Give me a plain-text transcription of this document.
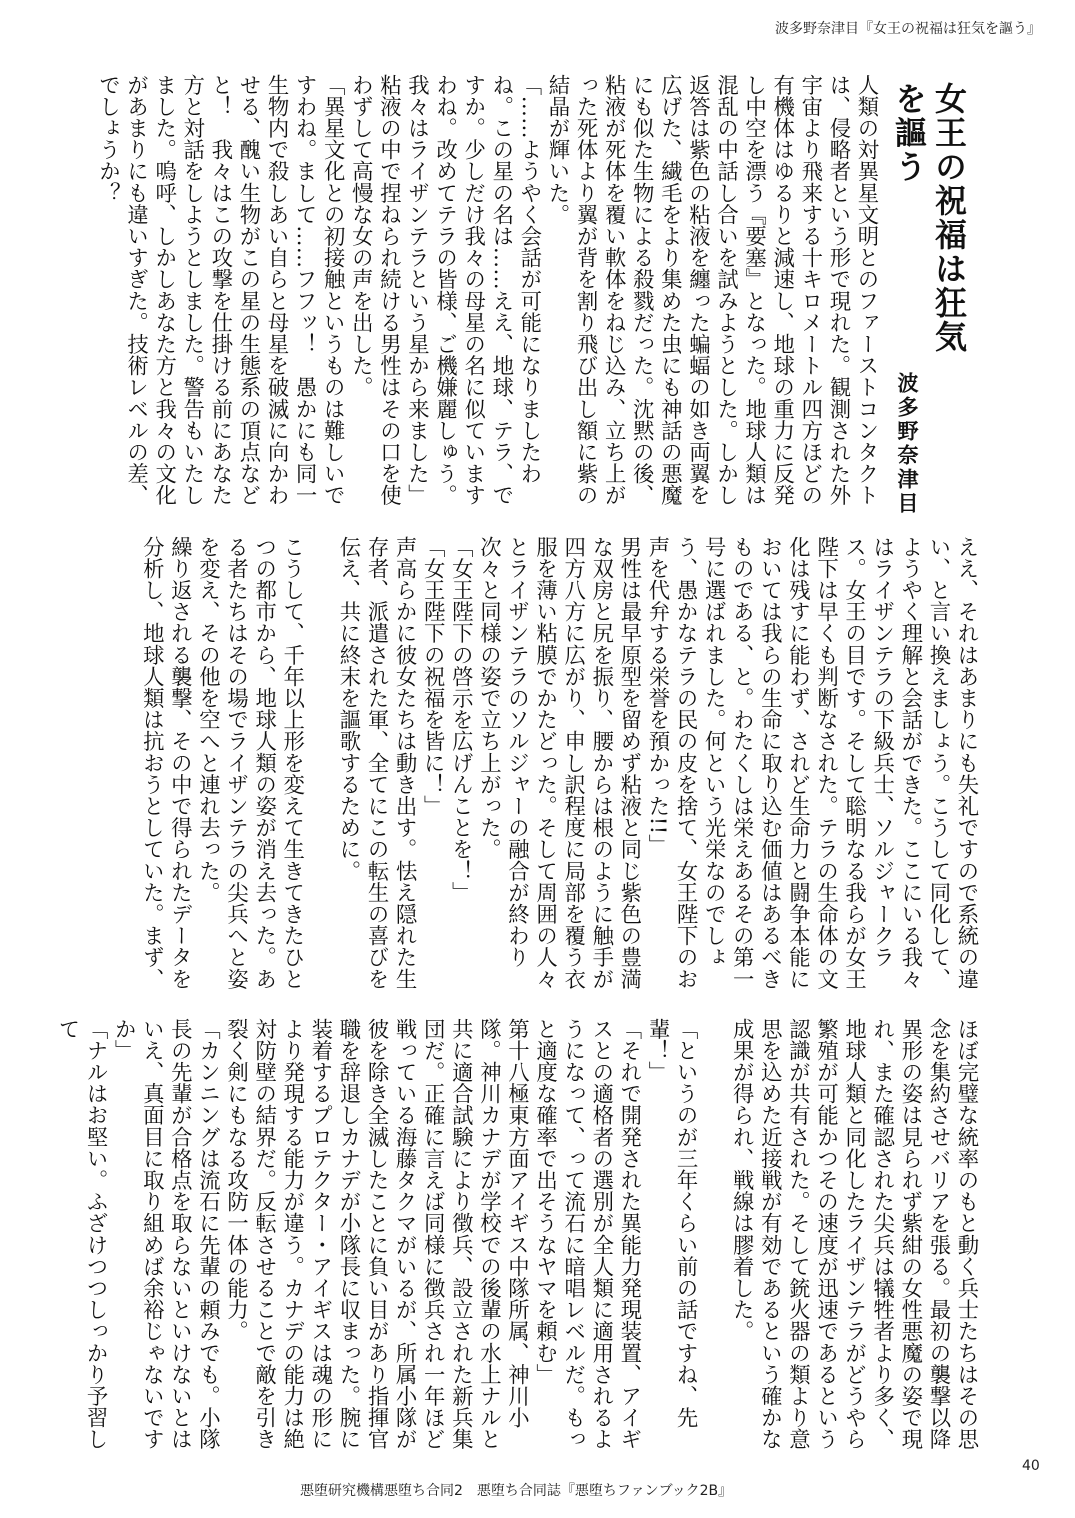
波多野奈津目『女王の祝福は狂気を謳う』
女王の祝福は狂気を謳う
波多野奈津目

人類の対異星文明とのファーストコンタクトは、侵略者という形で現れた。観測された外宇宙より飛来する十キロメートル四方ほどの有機体はゆるりと減速し、地球の重力に反発し中空を漂う『要塞』となった。地球人類は混乱の中話し合いを試みようとした。しかし返答は紫色の粘液を纏った蝙蝠の如き両翼を広げた、繊毛をより集めた虫にも神話の悪魔にも似た生物による殺戮だった。沈黙の後、粘液が死体を覆い軟体をねじ込み、立ち上がった死体より翼が背を割り飛び出し額に紫の結晶が輝いた。

「……ようやく会話が可能になりましたわね。この星の名は……ええ、地球、テラ、ですか。少しだけ我々の母星の名に似ていますわね。改めてテラの皆様、ご機嫌麗しゅう。我々はライザンテラという星から来ました」

粘液の中で捏ねられ続ける男性はその口を使わずして高慢な女の声を出した。

「異星文化との初接触というものは難しいですわね。まして……フフッ！　愚かにも同一生物内で殺しあい自らと母星を破滅に向かわせる、醜い生物がこの星の生態系の頂点などと！　我々はこの攻撃を仕掛ける前にあなた方と対話をしようとしました。警告もいたしました。嗚呼、しかしあなた方と我々の文化があまりにも違いすぎた。技術レベルの差、でしょうか？

ええ、それはあまりにも失礼ですので系統の違い、と言い換えましょう。こうして同化して、ようやく理解と会話ができた。ここにいる我々はライザンテラの下級兵士、ソルジャークラス。女王の目です。そして聡明なる我らが女王陛下は早くも判断なされた。テラの生命体の文化は残すに能わず、されど生命力と闘争本能においては我らの生命に取り込む価値はあるべきものである、と。わたくしは栄えあるその第一号に選ばれました。何という光栄なのでしょう、愚かなテラの民の皮を捨て、女王陛下のお声を代弁する栄誉を預かった!!」

男性は最早原型を留めず粘液と同じ紫色の豊満な双房と尻を振り、腰からは根のように触手が四方八方に広がり、申し訳程度に局部を覆う衣服を薄い粘膜でかたどった。そして周囲の人々とライザンテラのソルジャーの融合が終わり次々と同様の姿で立ち上がった。

「女王陛下の啓示を広げんことを！」

「女王陛下の祝福を皆に！」

声高らかに彼女たちは動き出す。怯え隠れた生存者、派遣された軍、全てにこの転生の喜びを伝え、共に終末を謳歌するために。

こうして、千年以上形を変えて生きてきたひとつの都市から、地球人類の姿が消え去った。ある者たちはその場でライザンテラの尖兵へと姿を変え、その他を空へと連れ去った。

繰り返される襲撃、その中で得られたデータを分析し、地球人類は抗おうとしていた。まず、

ほぼ完璧な統率のもと動く兵士たちはその思念を集約させバリアを張る。最初の襲撃以降異形の姿は見られず紫紺の女性悪魔の姿で現れ、また確認された尖兵は犠牲者より多く、地球人類と同化したライザンテラがどうやら繁殖が可能かつその速度が迅速であるという認識が共有された。そして銃火器の類より意思を込めた近接戦が有効であるという確かな成果が得られ、戦線は膠着した。

「というのが三年くらい前の話ですね、先輩！」

「それで開発された異能力発現装置、アイギスとの適格者の選別が全人類に適用されるようになって、って流石に暗唱レベルだ。もっと適度な確率で出そうなヤマを頼む」

第十八極東方面アイギス中隊所属、神川小隊。神川カナデが学校での後輩の水上ナルと共に適合試験により徴兵、設立された新兵集団だ。正確に言えば同様に徴兵され一年ほど戦っている海藤タクマがいるが、所属小隊が彼を除き全滅したことに負い目があり指揮官職を辞退しカナデが小隊長に収まった。腕に装着するプロテクター・アイギスは魂の形により発現する能力が違う。カナデの能力は絶対防壁の結界だ。反転させることで敵を引き裂く剣にもなる攻防一体の能力。

「カンニングは流石に先輩の頼みでも。小隊長の先輩が合格点を取らないといけないとはいえ、真面目に取り組めば余裕じゃないですか」

「ナルはお堅い。ふざけつつしっかり予習して

40
悪堕研究機構悪堕ち合同2　悪堕ち合同誌『悪堕ちファンブック2B』
